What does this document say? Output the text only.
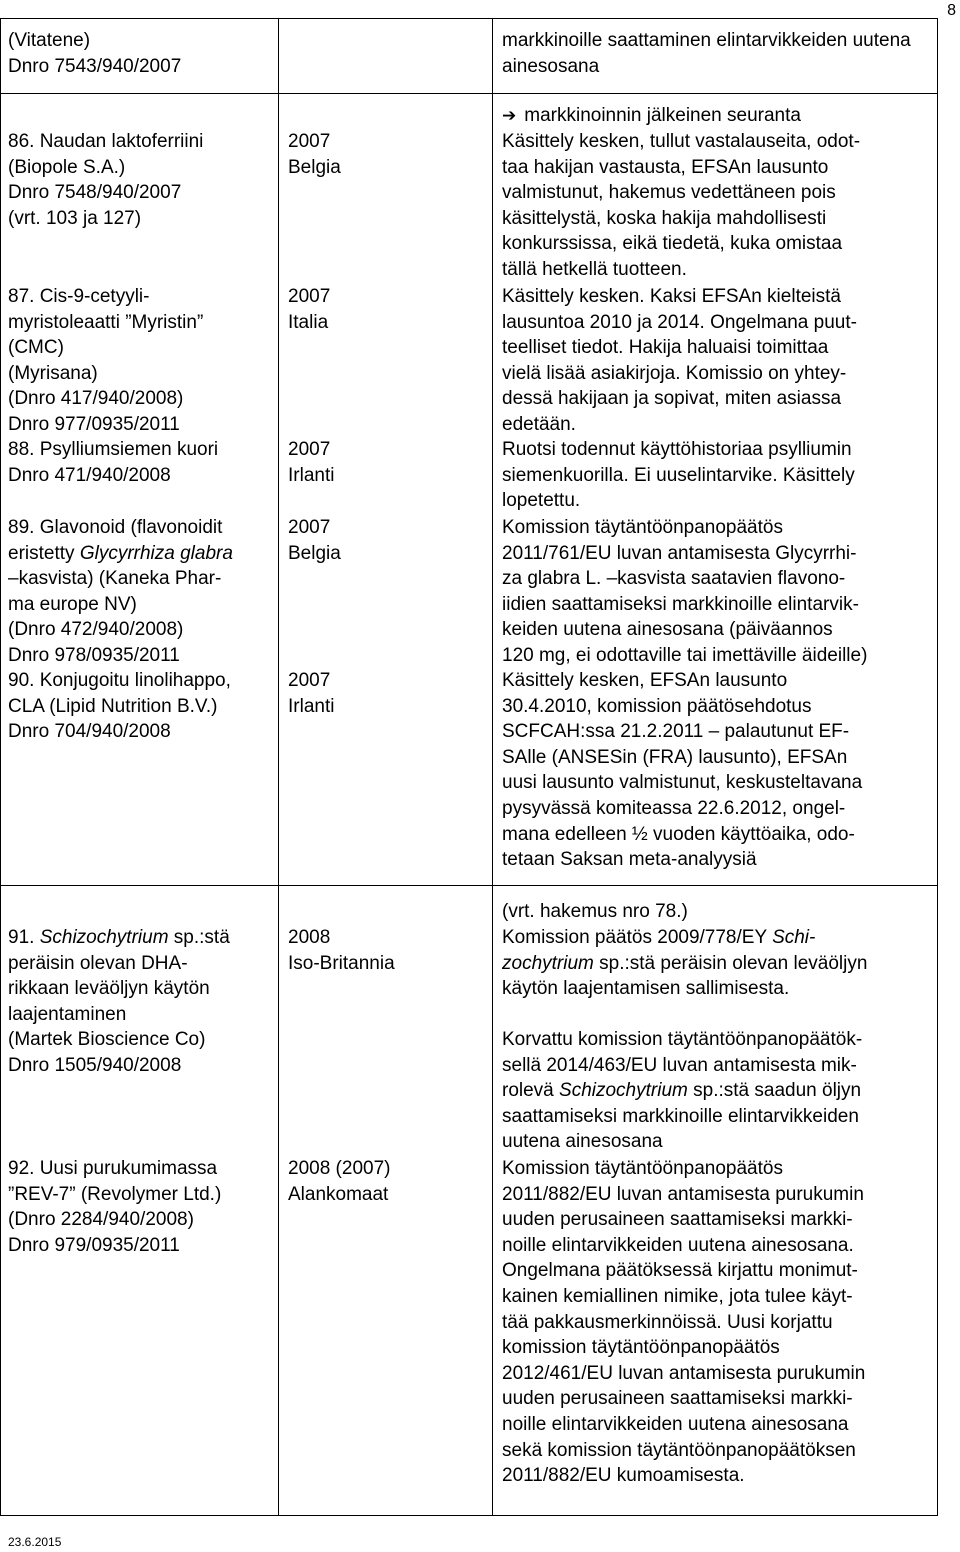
8
(Vitatene)
Dnro 7543/940/2007
markkinoille saattaminen elintarvikkeiden uutena ainesosana
86. Naudan laktoferriini
(Biopole S.A.)
Dnro 7548/940/2007
(vrt. 103 ja 127)
2007
Belgia
➔ markkinoinnin jälkeinen seuranta
Käsittely kesken, tullut vastalauseita, odot-
taa hakijan vastausta, EFSAn lausunto
valmistunut, hakemus vedettäneen pois
käsittelystä, koska hakija mahdollisesti
konkurssissa, eikä tiedetä, kuka omistaa
tällä hetkellä tuotteen.
87. Cis-9-cetyyli-
myristoleaatti ”Myristin”
(CMC)
(Myrisana)
(Dnro 417/940/2008)
Dnro 977/0935/2011
2007
Italia
Käsittely kesken. Kaksi EFSAn kielteistä
lausuntoa 2010 ja 2014. Ongelmana puut-
teelliset tiedot. Hakija haluaisi toimittaa
vielä lisää asiakirjoja. Komissio on yhtey-
dessä hakijaan ja sopivat, miten asiassa
edetään.
88. Psylliumsiemen kuori
Dnro 471/940/2008
2007
Irlanti
Ruotsi todennut käyttöhistoriaa psylliumin
siemenkuorilla. Ei uuselintarvike. Käsittely
lopetettu.
89. Glavonoid (flavonoidit
eristetty Glycyrrhiza glabra
–kasvista) (Kaneka Phar-
ma europe NV)
(Dnro 472/940/2008)
Dnro 978/0935/2011
2007
Belgia
Komission täytäntöönpanopäätös
2011/761/EU luvan antamisesta Glycyrrhi-
za glabra L. –kasvista saatavien flavono-
iidien saattamiseksi markkinoille elintarvik-
keiden uutena ainesosana (päiväannos
120 mg, ei odottaville tai imettäville äideille)
90. Konjugoitu linolihappo,
CLA (Lipid Nutrition B.V.)
Dnro 704/940/2008
2007
Irlanti
Käsittely kesken, EFSAn lausunto
30.4.2010, komission päätösehdotus
SCFCAH:ssa 21.2.2011 – palautunut EF-
SAlle (ANSESin (FRA) lausunto), EFSAn
uusi lausunto valmistunut, keskusteltavana
pysyvässä komiteassa 22.6.2012, ongel-
mana edelleen ½ vuoden käyttöaika, odo-
tetaan Saksan meta-analyysiä
(vrt. hakemus nro 78.)
91. Schizochytrium sp.:stä
peräisin olevan DHA-
rikkaan leväöljyn käytön
laajentaminen
(Martek Bioscience Co)
Dnro 1505/940/2008
2008
Iso-Britannia
Komission päätös 2009/778/EY Schi-
zochytrium sp.:stä peräisin olevan leväöljyn
käytön laajentamisen sallimisesta.
Korvattu komission täytäntöönpanopäätök-
sellä 2014/463/EU luvan antamisesta mik-
rolevä Schizochytrium sp.:stä saadun öljyn
saattamiseksi markkinoille elintarvikkeiden
uutena ainesosana
92. Uusi purukumimassa
”REV-7” (Revolymer Ltd.)
(Dnro 2284/940/2008)
Dnro 979/0935/2011
2008 (2007)
Alankomaat
Komission täytäntöönpanopäätös
2011/882/EU luvan antamisesta purukumin
uuden perusaineen saattamiseksi markki-
noille elintarvikkeiden uutena ainesosana.
Ongelmana päätöksessä kirjattu monimut-
kainen kemiallinen nimike, jota tulee käyt-
tää pakkausmerkinnöissä. Uusi korjattu
komission täytäntöönpanopäätös
2012/461/EU luvan antamisesta purukumin
uuden perusaineen saattamiseksi markki-
noille elintarvikkeiden uutena ainesosana
sekä komission täytäntöönpanopäätöksen
2011/882/EU kumoamisesta.
23.6.2015
